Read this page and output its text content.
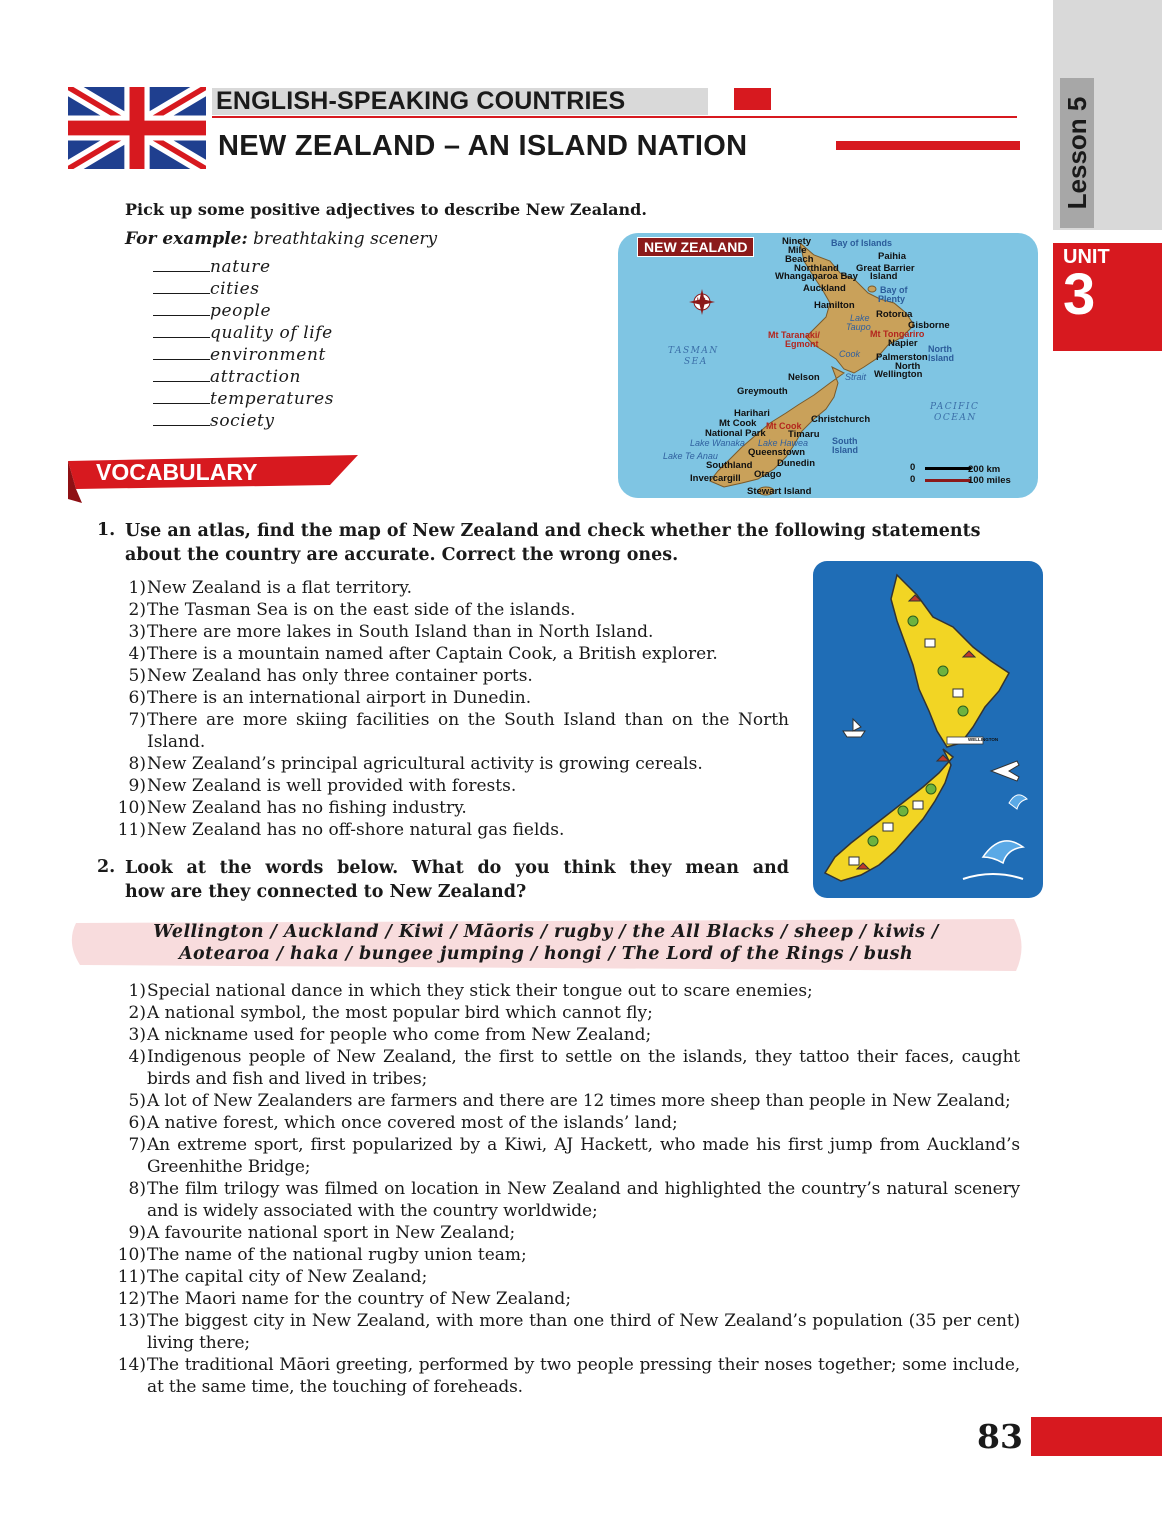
ENGLISH-SPEAKING COUNTRIES
NEW ZEALAND – AN ISLAND NATION	Lesson 5
UNIT
3
Pick up some positive adjectives to describe New Zealand.
For example: breathtaking scenery
nature
cities
people
quality of life
environment
attraction
temperatures
society
VOCABULARY
NEW ZEALAND	Ninety
Mile
Beach
Bay of Islands
Paihia
Northland Great Barrier
Island
Whangaparoa Bay
Auckland	Bay of
Plenty
Hamilton
Rotorua
Lake
Taupo	Gisborne
Mt Taranaki/
Egmont
Mt Tongariro
Napier North
Island
TASMAN
SEA
Cook
Strait
Palmerston
North
Nelson	Wellington
Greymouth
PACIFIC
OCEAN
Harihari
Christchurch
Mt Cook Mt Cook
National Park
Lake Wanaka Lake Hawea
Timaru
Lake Te Anau	Queenstown
South
Island
Southland	Dunedin
Otago
Invercargill
Stewart Island
0
0
200 km
100 miles
UP
1. Use an atlas, find the map of New Zealand and check whether the following statements
about the country are accurate. Correct the wrong ones.
1) New Zealand is a flat territory.
2) The Tasman Sea is on the east side of the islands.
3) There are more lakes in South Island than in North Island.
4) There is a mountain named after Captain Cook, a British explorer.
5) New Zealand has only three container ports.
6) There is an international airport in Dunedin.
7) There are more skiing facilities on the South Island than on the North Island.
8) New Zealand’s principal agricultural activity is growing cereals.
9) New Zealand is well provided with forests.
10) New Zealand has no fishing industry.
11) New Zealand has no off-shore natural gas fields.
WELLINGTON
2. Look at the words below. What do you think they mean and
how are they connected to New Zealand?
Wellington / Auckland / Kiwi / Māoris / rugby / the All Blacks / sheep / kiwis /
Aotearoa / haka / bungee jumping / hongi / The Lord of the Rings / bush
1) Special national dance in which they stick their tongue out to scare enemies;
2) A national symbol, the most popular bird which cannot fly;
3) A nickname used for people who come from New Zealand;
4) Indigenous people of New Zealand, the first to settle on the islands, they tattoo their faces, caught birds and fish and lived in tribes;
5) A lot of New Zealanders are farmers and there are 12 times more sheep than people in New Zealand;
6) A native forest, which once covered most of the islands’ land;
7) An extreme sport, first popularized by a Kiwi, AJ Hackett, who made his first jump from Auckland’s Greenhithe Bridge;
8) The film trilogy was filmed on location in New Zealand and highlighted the country’s natural scenery and is widely associated with the country worldwide;
9) A favourite national sport in New Zealand;
10) The name of the national rugby union team;
11) The capital city of New Zealand;
12) The Maori name for the country of New Zealand;
13) The biggest city in New Zealand, with more than one third of New Zealand’s population (35 per cent) living there;
14) The traditional Māori greeting, performed by two people pressing their noses together; some include, at the same time, the touching of foreheads.
83
